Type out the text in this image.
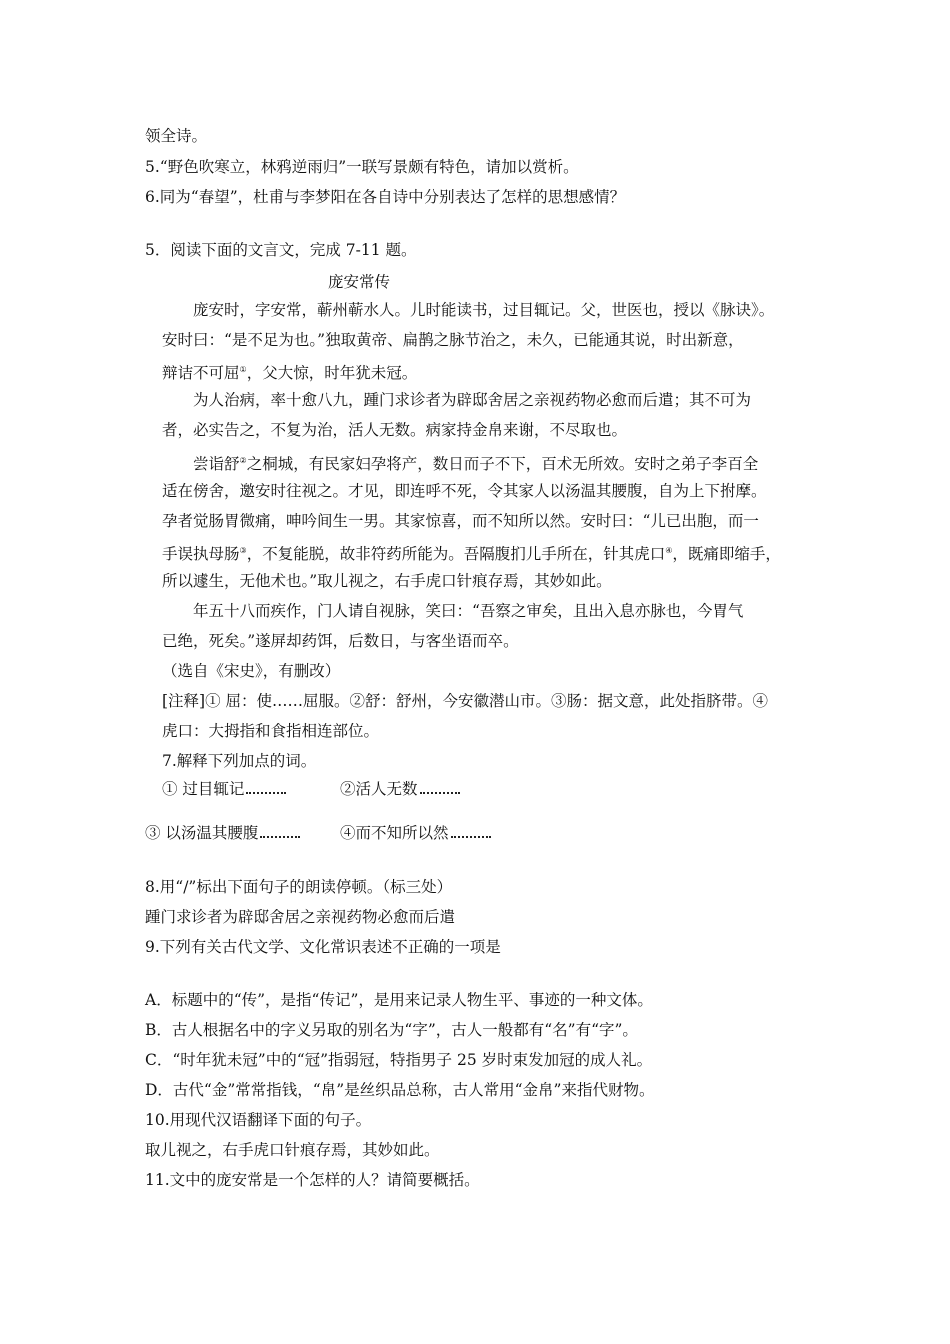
领全诗。
5.“野色吹寒立，林鸦逆雨归”一联写景颇有特色，请加以赏析。
6.同为“春望”，杜甫与李梦阳在各自诗中分别表达了怎样的思想感情？
5．阅读下面的文言文，完成 7-11 题。
庞安常传
庞安时，字安常，蕲州蕲水人。儿时能读书，过目辄记。父，世医也，授以《脉诀》。
安时曰：“是不足为也。”独取黄帝、扁鹊之脉节治之，未久，已能通其说，时出新意，
辩诘不可屈①，父大惊，时年犹未冠。
为人治病，率十愈八九，踵门求诊者为辟邸舍居之亲视药物必愈而后遣；其不可为
者，必实告之，不复为治，活人无数。病家持金帛来谢，不尽取也。
尝诣舒②之桐城，有民家妇孕将产，数日而子不下，百术无所效。安时之弟子李百全
适在傍舍，邀安时往视之。才见，即连呼不死，令其家人以汤温其腰腹，自为上下拊摩。
孕者觉肠胃微痛，呻吟间生一男。其家惊喜，而不知所以然。安时曰：“儿已出胞，而一
手误执母肠③，不复能脱，故非符药所能为。吾隔腹扪儿手所在，针其虎口④，既痛即缩手，
所以遽生，无他术也。”取儿视之，右手虎口针痕存焉，其妙如此。
年五十八而疾作，门人请自视脉，笑曰：“吾察之审矣，且出入息亦脉也，今胃气
已绝，死矣。”遂屏却药饵，后数日，与客坐语而卒。
（选自《宋史》，有删改）
[注释]① 屈：使……屈服。②舒：舒州，今安徽潜山市。③肠：据文意，此处指脐带。④
虎口：大拇指和食指相连部位。
7.解释下列加点的词。
① 过目辄记	②活人无数
③ 以汤温其腰腹	④而不知所以然
8.用“/”标出下面句子的朗读停顿。（标三处）
踵门求诊者为辟邸舍居之亲视药物必愈而后遣
9.下列有关古代文学、文化常识表述不正确的一项是
A．标题中的“传”，是指“传记”，是用来记录人物生平、事迹的一种文体。
B．古人根据名中的字义另取的别名为“字”，古人一般都有“名”有“字”。
C．“时年犹未冠”中的“冠”指弱冠，特指男子 25 岁时束发加冠的成人礼。
D．古代“金”常常指钱，“帛”是丝织品总称，古人常用“金帛”来指代财物。
10.用现代汉语翻译下面的句子。
取儿视之，右手虎口针痕存焉，其妙如此。
11.文中的庞安常是一个怎样的人？请简要概括。
